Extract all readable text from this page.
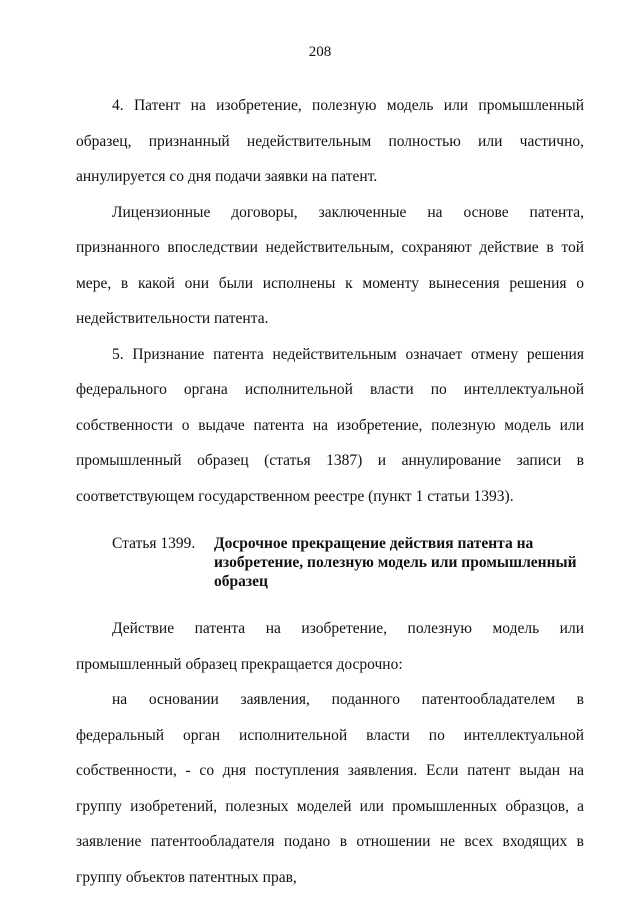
208

4. Патент на изобретение, полезную модель или промышленный образец, признанный недействительным полностью или частично, аннулируется со дня подачи заявки на патент.

Лицензионные договоры, заключенные на основе патента, признанного впоследствии недействительным, сохраняют действие в той мере, в какой они были исполнены к моменту вынесения решения о недействительности патента.

5. Признание патента недействительным означает отмену решения федерального органа исполнительной власти по интеллектуальной собственности о выдаче патента на изобретение, полезную модель или промышленный образец (статья 1387) и аннулирование записи в соответствующем государственном реестре (пункт 1 статьи 1393).

Статья 1399.	Досрочное прекращение действия патента на изобретение, полезную модель или промышленный образец

Действие патента на изобретение, полезную модель или промышленный образец прекращается досрочно:

на основании заявления, поданного патентообладателем в федеральный орган исполнительной власти по интеллектуальной собственности, - со дня поступления заявления. Если патент выдан на группу изобретений, полезных моделей или промышленных образцов, а заявление патентообладателя подано в отношении не всех входящих в группу объектов патентных прав,
